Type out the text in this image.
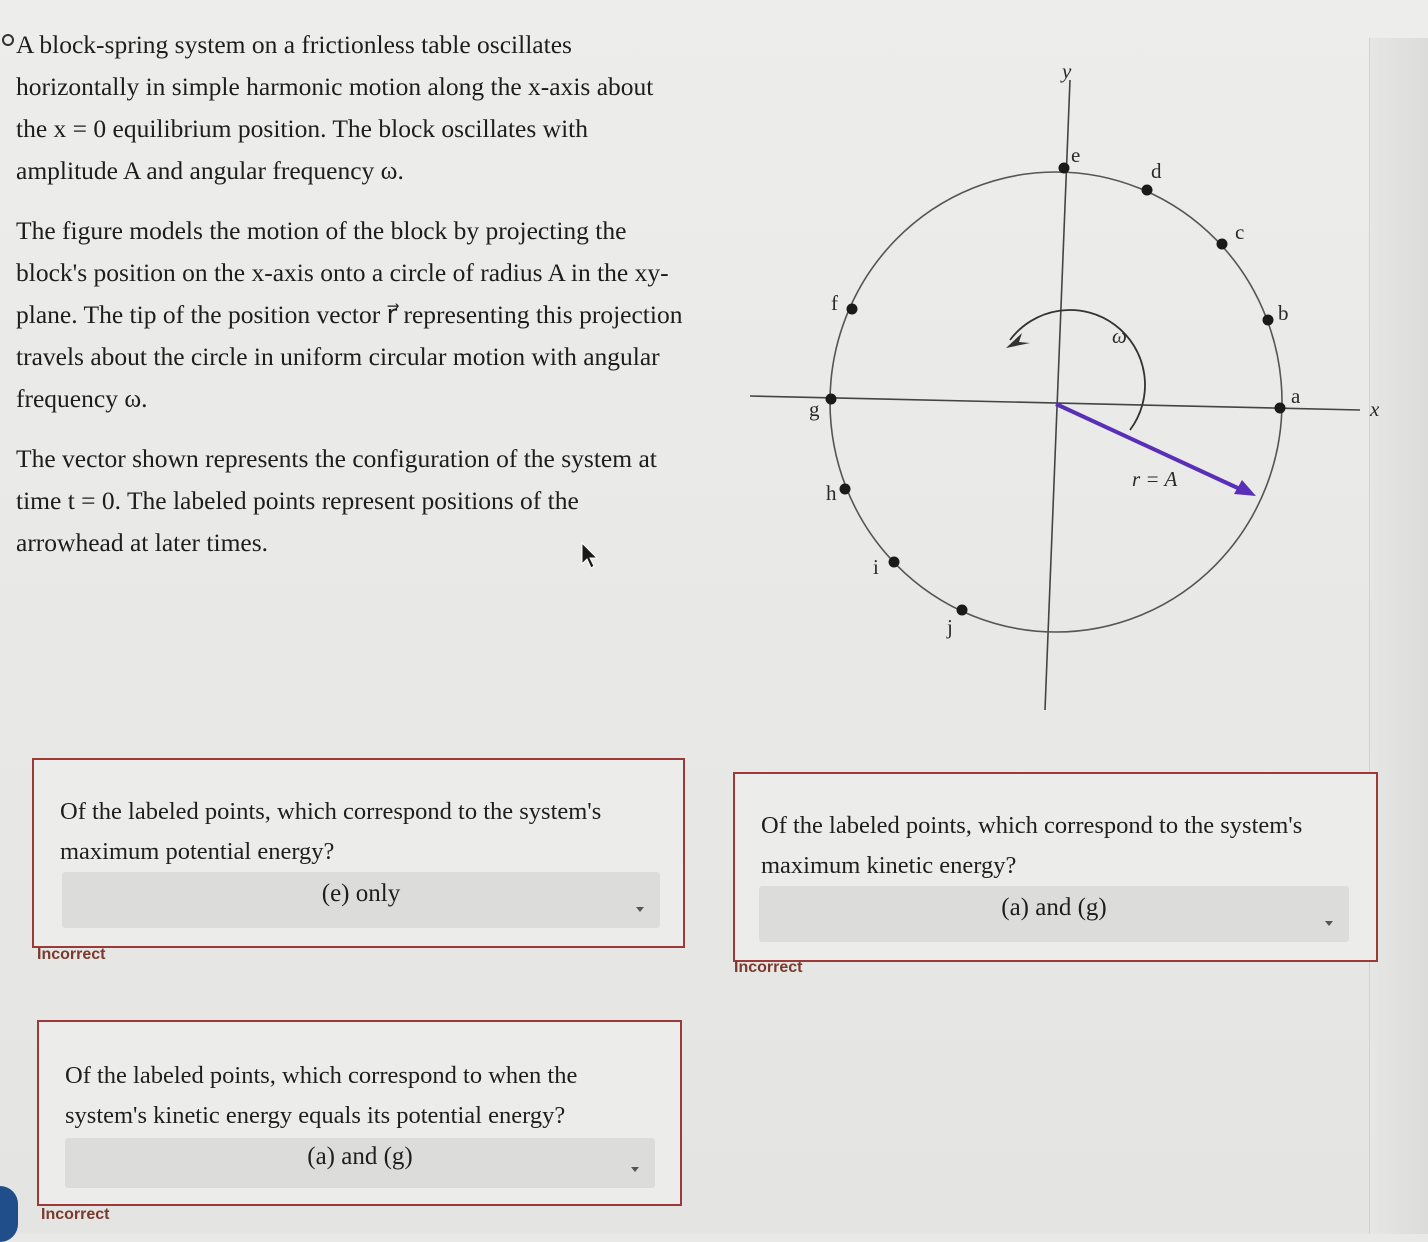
A block-spring system on a frictionless table oscillates horizontally in simple harmonic motion along the x-axis about the x = 0 equilibrium position. The block oscillates with amplitude A and angular frequency ω.

The figure models the motion of the block by projecting the block's position on the x-axis onto a circle of radius A in the xy-plane. The tip of the position vector r⃗ representing this projection travels about the circle in uniform circular motion with angular frequency ω.

The vector shown represents the configuration of the system at time t = 0. The labeled points represent positions of the arrowhead at later times.

x
y
ω
r = A
a
b
c
d
e
f
g
h
i
j
Of the labeled points, which correspond to the system's maximum potential energy?
(e) only
Incorrect
Of the labeled points, which correspond to the system's maximum kinetic energy?
(a) and (g)
Incorrect
Of the labeled points, which correspond to when the system's kinetic energy equals its potential energy?
(a) and (g)
Incorrect
